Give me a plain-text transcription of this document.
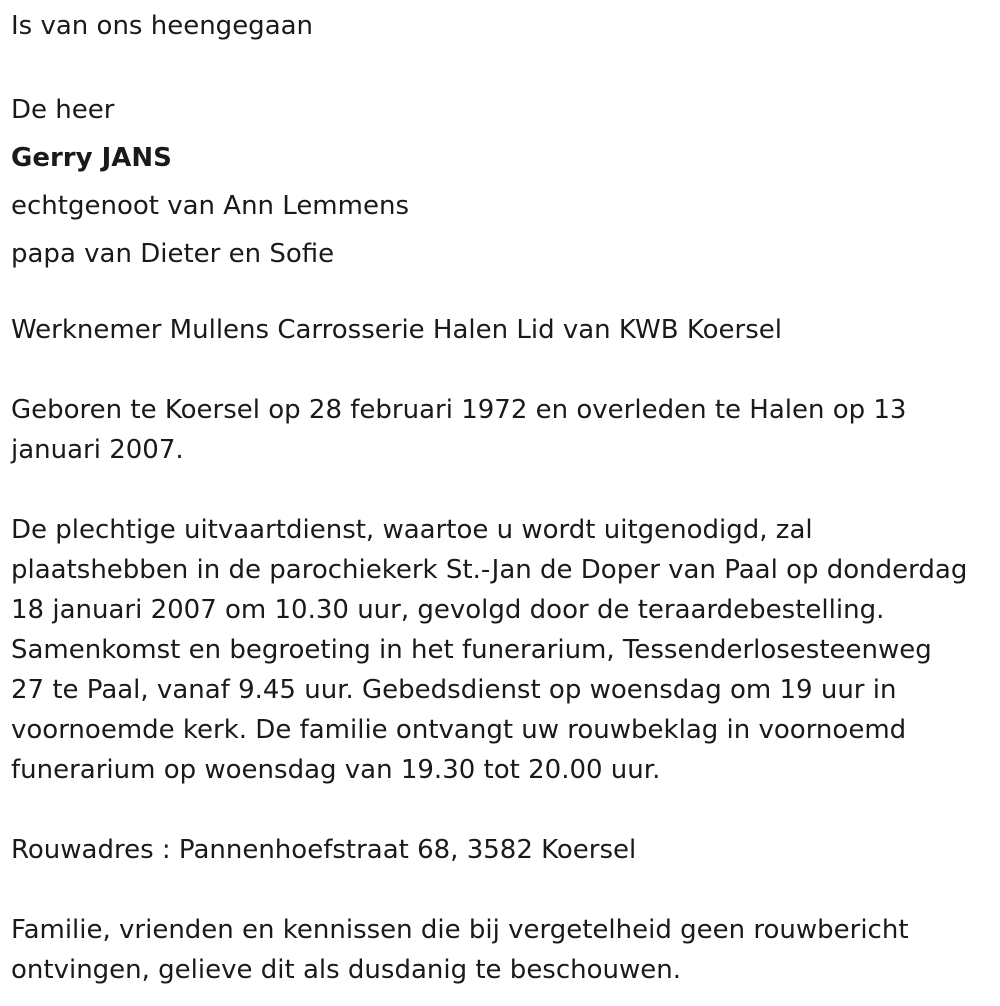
Is van ons heengegaan

De heer

Gerry JANS

echtgenoot van Ann Lemmens

papa van Dieter en Sofie

Werknemer Mullens Carrosserie Halen Lid van KWB Koersel

Geboren te Koersel op 28 februari 1972 en overleden te Halen op 13

januari 2007.

De plechtige uitvaartdienst, waartoe u wordt uitgenodigd, zal

plaatshebben in de parochiekerk St.-Jan de Doper van Paal op donderdag

18 januari 2007 om 10.30 uur, gevolgd door de teraardebestelling.

Samenkomst en begroeting in het funerarium, Tessenderlosesteenweg

27 te Paal, vanaf 9.45 uur. Gebedsdienst op woensdag om 19 uur in

voornoemde kerk. De familie ontvangt uw rouwbeklag in voornoemd

funerarium op woensdag van 19.30 tot 20.00 uur.

Rouwadres : Pannenhoefstraat 68, 3582 Koersel

Familie, vrienden en kennissen die bij vergetelheid geen rouwbericht

ontvingen, gelieve dit als dusdanig te beschouwen.
